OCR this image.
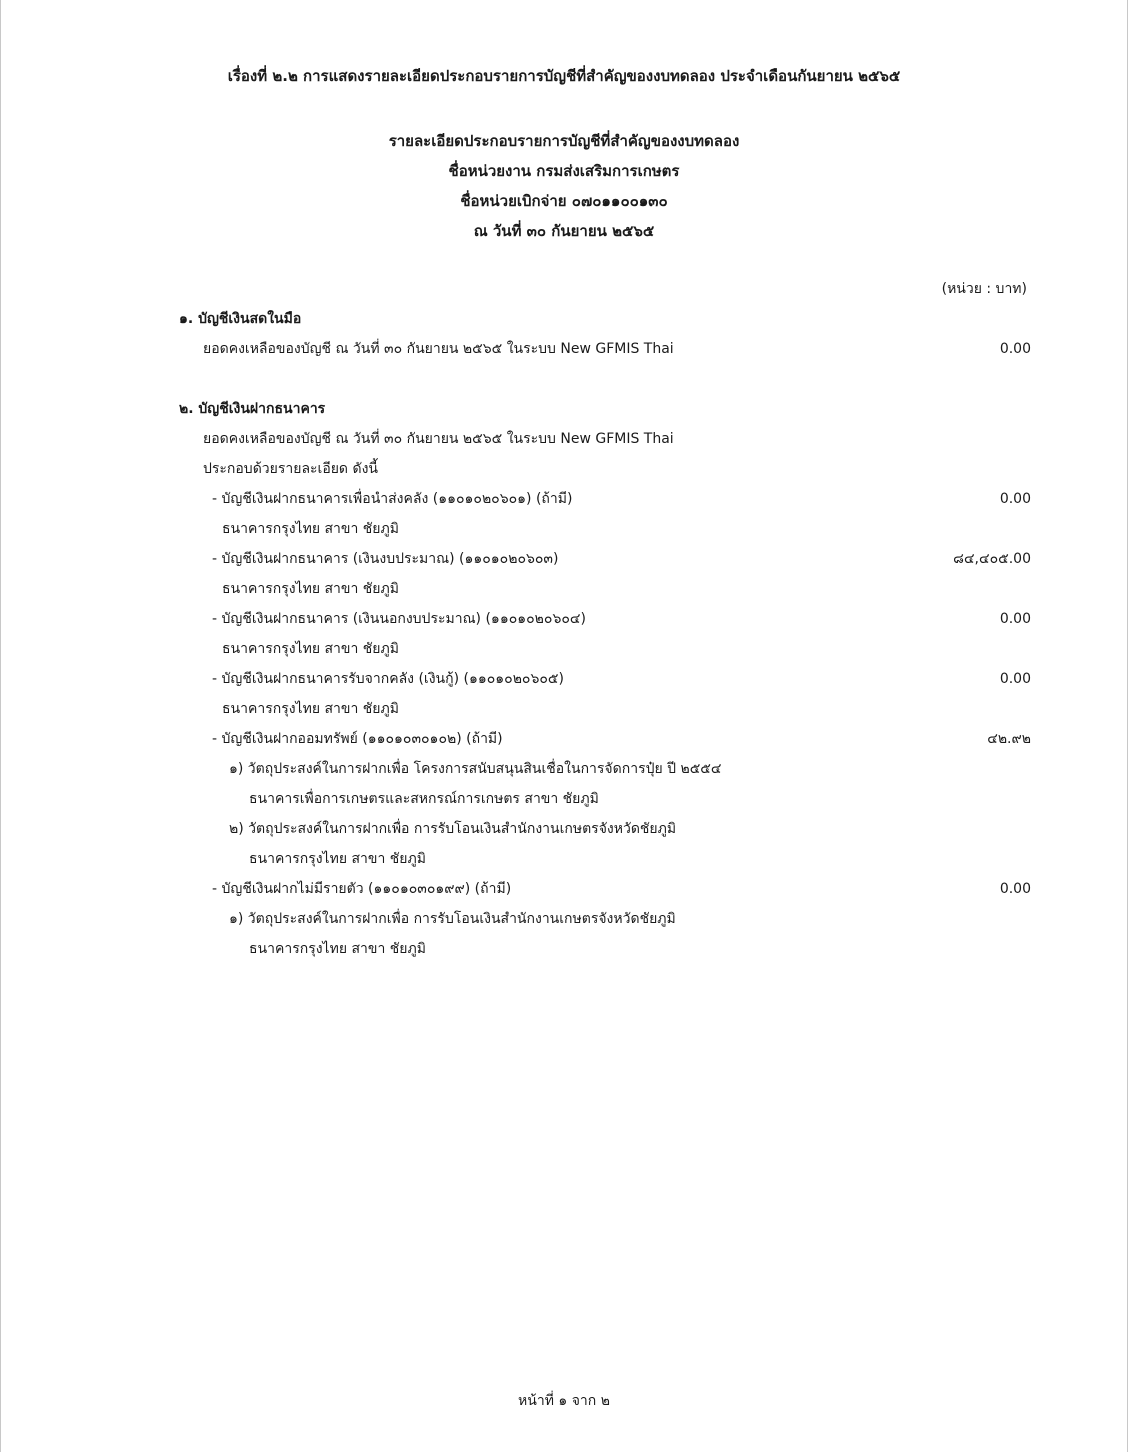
เรื่องที่ ๒.๒ การแสดงรายละเอียดประกอบรายการบัญชีที่สำคัญของงบทดลอง ประจำเดือนกันยายน ๒๕๖๕
รายละเอียดประกอบรายการบัญชีที่สำคัญของงบทดลอง
ชื่อหน่วยงาน กรมส่งเสริมการเกษตร
ชื่อหน่วยเบิกจ่าย ๐๗๐๑๑๐๐๑๓๐
ณ วันที่ ๓๐ กันยายน ๒๕๖๕
(หน่วย : บาท)
๑. บัญชีเงินสดในมือ
ยอดคงเหลือของบัญชี ณ วันที่ ๓๐ กันยายน ๒๕๖๕ ในระบบ New GFMIS Thai	0.00
๒. บัญชีเงินฝากธนาคาร
ยอดคงเหลือของบัญชี ณ วันที่ ๓๐ กันยายน ๒๕๖๕ ในระบบ New GFMIS Thai
ประกอบด้วยรายละเอียด ดังนี้
- บัญชีเงินฝากธนาคารเพื่อนำส่งคลัง (๑๑๐๑๐๒๐๖๐๑) (ถ้ามี)	0.00
ธนาคารกรุงไทย สาขา ชัยภูมิ
- บัญชีเงินฝากธนาคาร (เงินงบประมาณ) (๑๑๐๑๐๒๐๖๐๓)	๘๔,๔๐๕.00
ธนาคารกรุงไทย สาขา ชัยภูมิ
- บัญชีเงินฝากธนาคาร (เงินนอกงบประมาณ) (๑๑๐๑๐๒๐๖๐๔)	0.00
ธนาคารกรุงไทย สาขา ชัยภูมิ
- บัญชีเงินฝากธนาคารรับจากคลัง (เงินกู้) (๑๑๐๑๐๒๐๖๐๕)	0.00
ธนาคารกรุงไทย สาขา ชัยภูมิ
- บัญชีเงินฝากออมทรัพย์ (๑๑๐๑๐๓๐๑๐๒) (ถ้ามี)	๔๒.๙๒
๑) วัตถุประสงค์ในการฝากเพื่อ โครงการสนับสนุนสินเชื่อในการจัดการปุ๋ย ปี ๒๕๕๔
ธนาคารเพื่อการเกษตรและสหกรณ์การเกษตร สาขา ชัยภูมิ
๒) วัตถุประสงค์ในการฝากเพื่อ การรับโอนเงินสำนักงานเกษตรจังหวัดชัยภูมิ
ธนาคารกรุงไทย สาขา ชัยภูมิ
- บัญชีเงินฝากไม่มีรายตัว (๑๑๐๑๐๓๐๑๙๙) (ถ้ามี)	0.00
๑) วัตถุประสงค์ในการฝากเพื่อ การรับโอนเงินสำนักงานเกษตรจังหวัดชัยภูมิ
ธนาคารกรุงไทย สาขา ชัยภูมิ
หน้าที่ ๑ จาก ๒
